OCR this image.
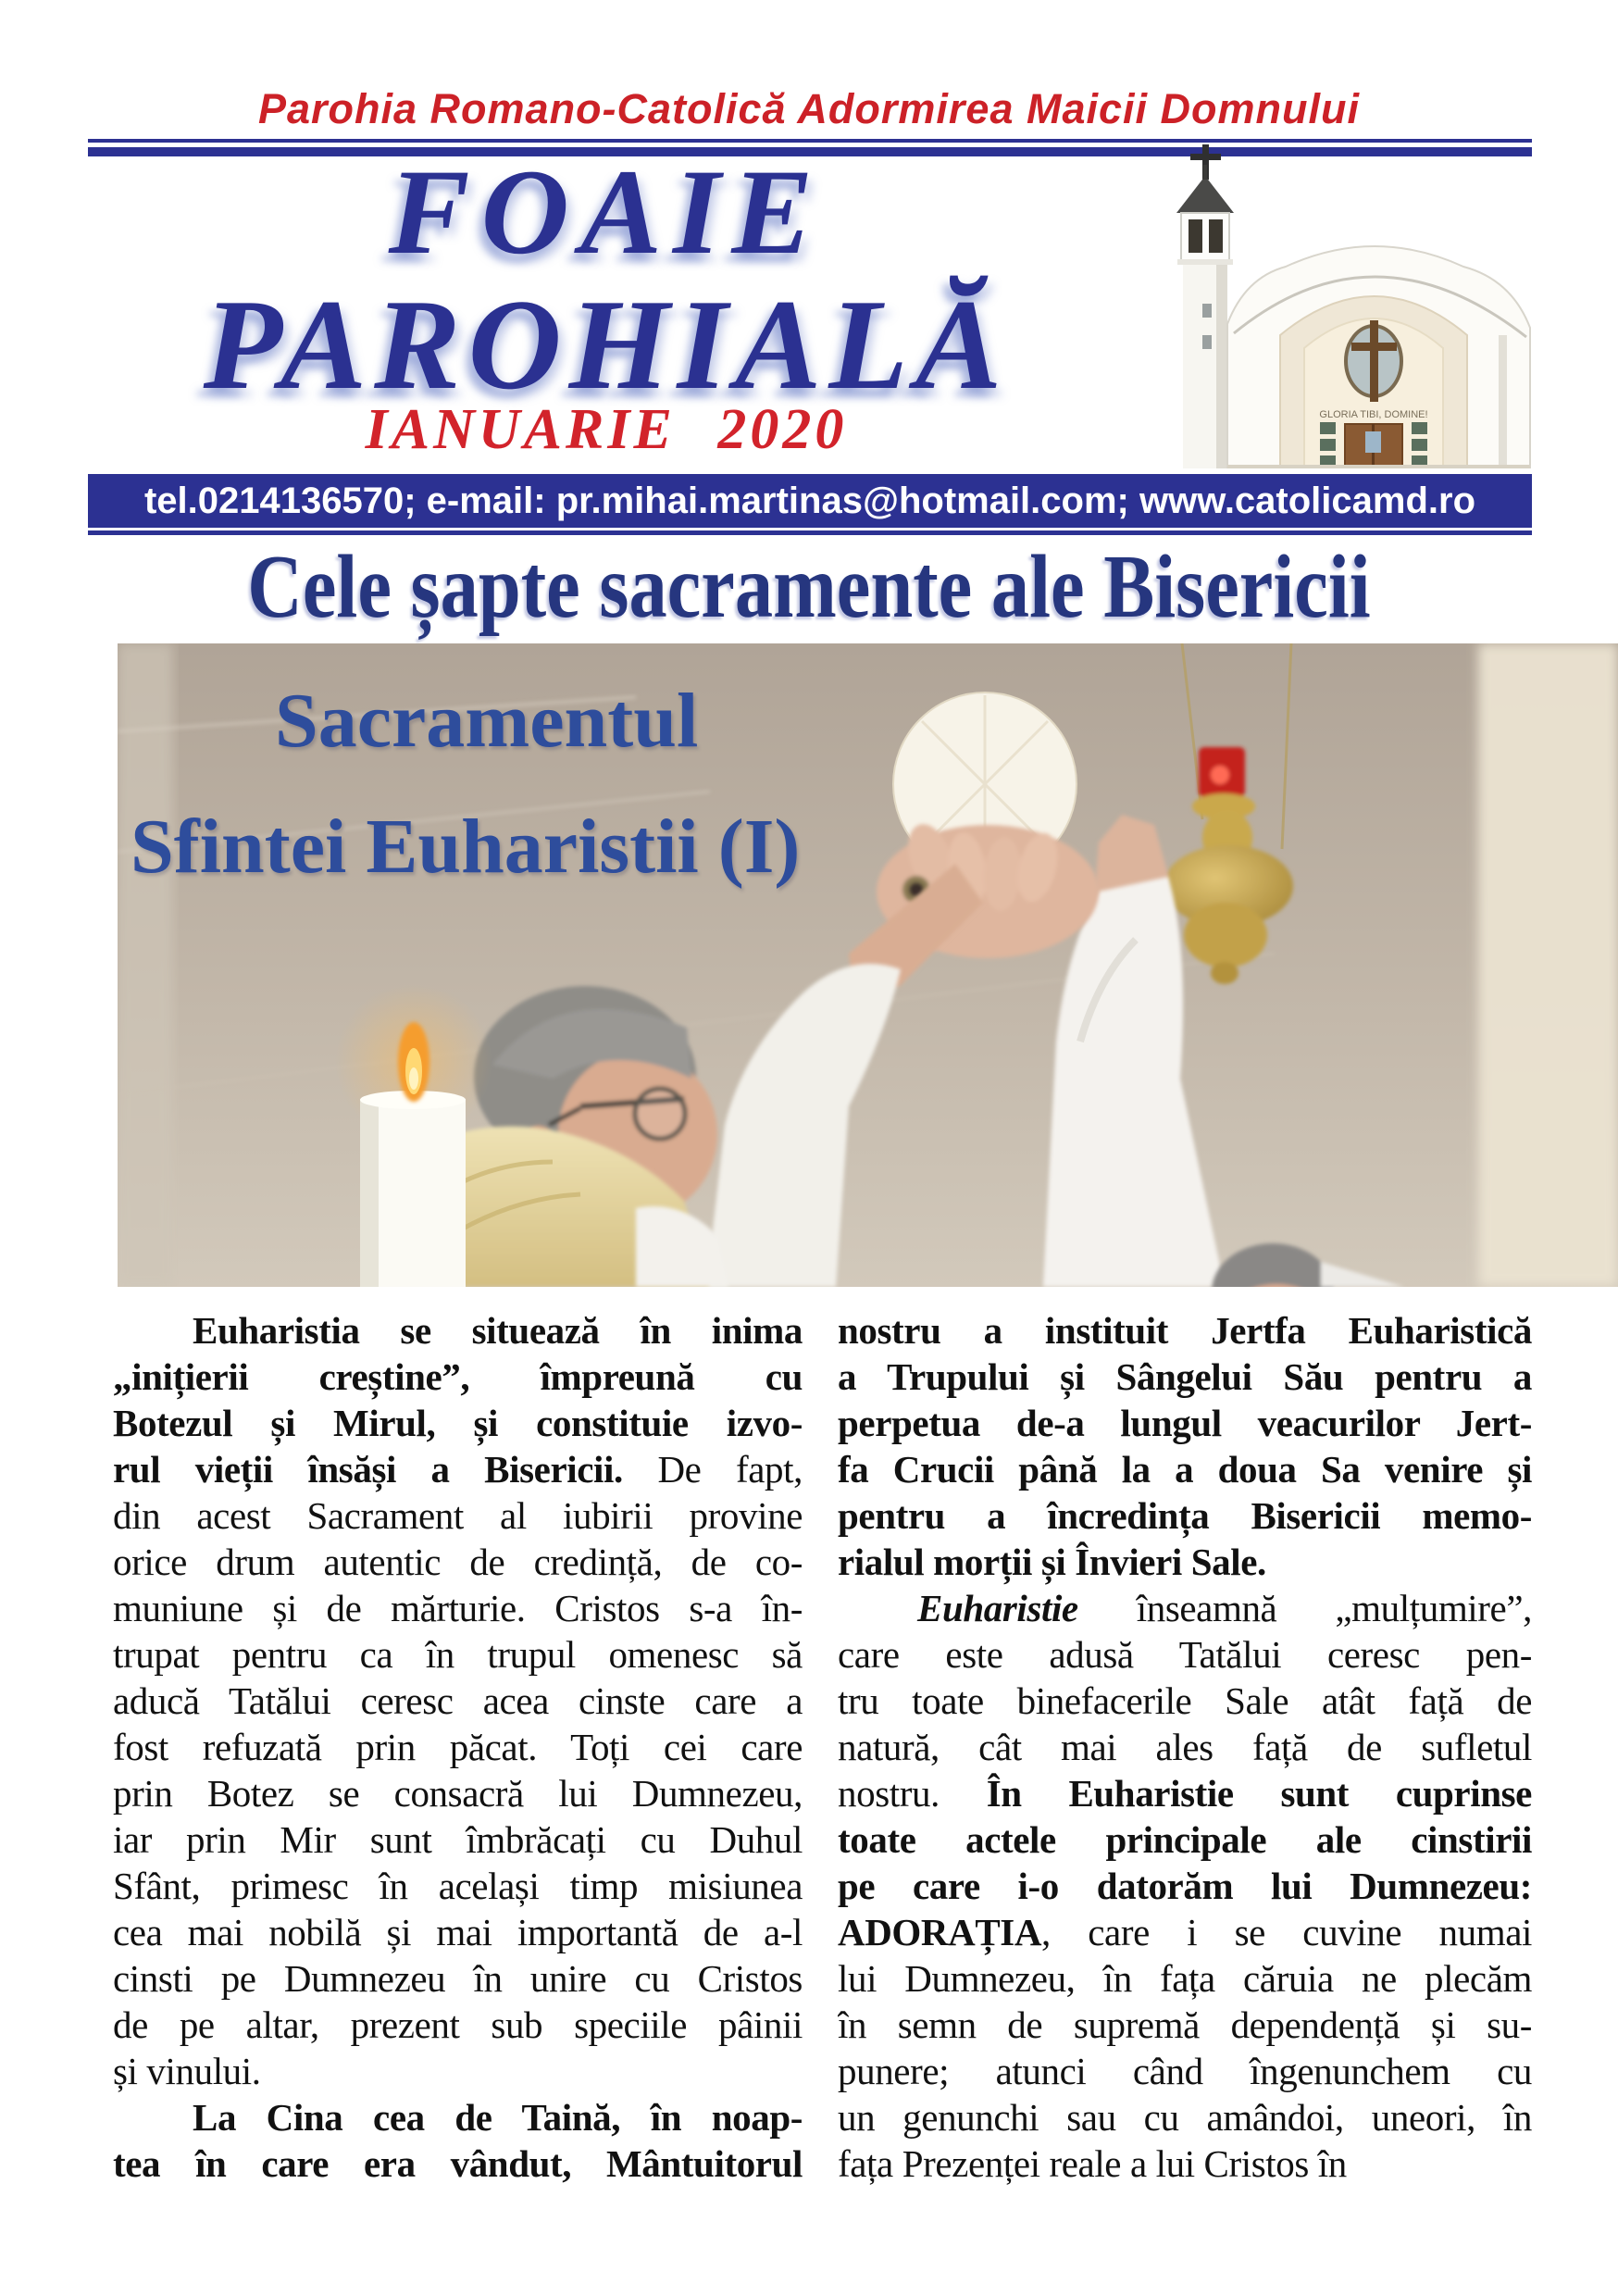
Parohia Romano-Catolică Adormirea Maicii Domnului
FOAIE
PAROHIALĂ
IANUARIE 2020	GLORIA TIBI, DOMINE!
tel.0214136570; e-mail: pr.mihai.martinas@hotmail.com; www.catolicamd.ro
Cele șapte sacramente ale Bisericii
Sacramentul
Sfintei Euharistii (I)
Euharistia se situează în inima
„inițierii creștine”, împreună cu
Botezul și Mirul, și constituie izvo-
rul vieții însăși a Bisericii. De fapt,
din acest Sacrament al iubirii provine
orice drum autentic de credință, de co-
muniune și de mărturie. Cristos s-a în-
trupat pentru ca în trupul omenesc să
aducă Tatălui ceresc acea cinste care a
fost refuzată prin păcat. Toți cei care
prin Botez se consacră lui Dumnezeu,
iar prin Mir sunt îmbrăcați cu Duhul
Sfânt, primesc în același timp misiunea
cea mai nobilă și mai importantă de a-l
cinsti pe Dumnezeu în unire cu Cristos
de pe altar, prezent sub speciile pâinii
și vinului.
La Cina cea de Taină, în noap-
tea în care era vândut, Mântuitorul
nostru a instituit Jertfa Euharistică
a Trupului și Sângelui Său pentru a
perpetua de-a lungul veacurilor Jert-
fa Crucii până la a doua Sa venire și
pentru a încredința Bisericii memo-
rialul morții și Învieri Sale.
Euharistie înseamnă „mulțumire”,
care este adusă Tatălui ceresc pen-
tru toate binefacerile Sale atât față de
natură, cât mai ales față de sufletul
nostru. În Euharistie sunt cuprinse
toate actele principale ale cinstirii
pe care i-o datorăm lui Dumnezeu:
ADORAȚIA, care i se cuvine numai
lui Dumnezeu, în fața căruia ne plecăm
în semn de supremă dependență și su-
punere; atunci când îngenunchem cu
un genunchi sau cu amândoi, uneori, în
fața Prezenței reale a lui Cristos în
